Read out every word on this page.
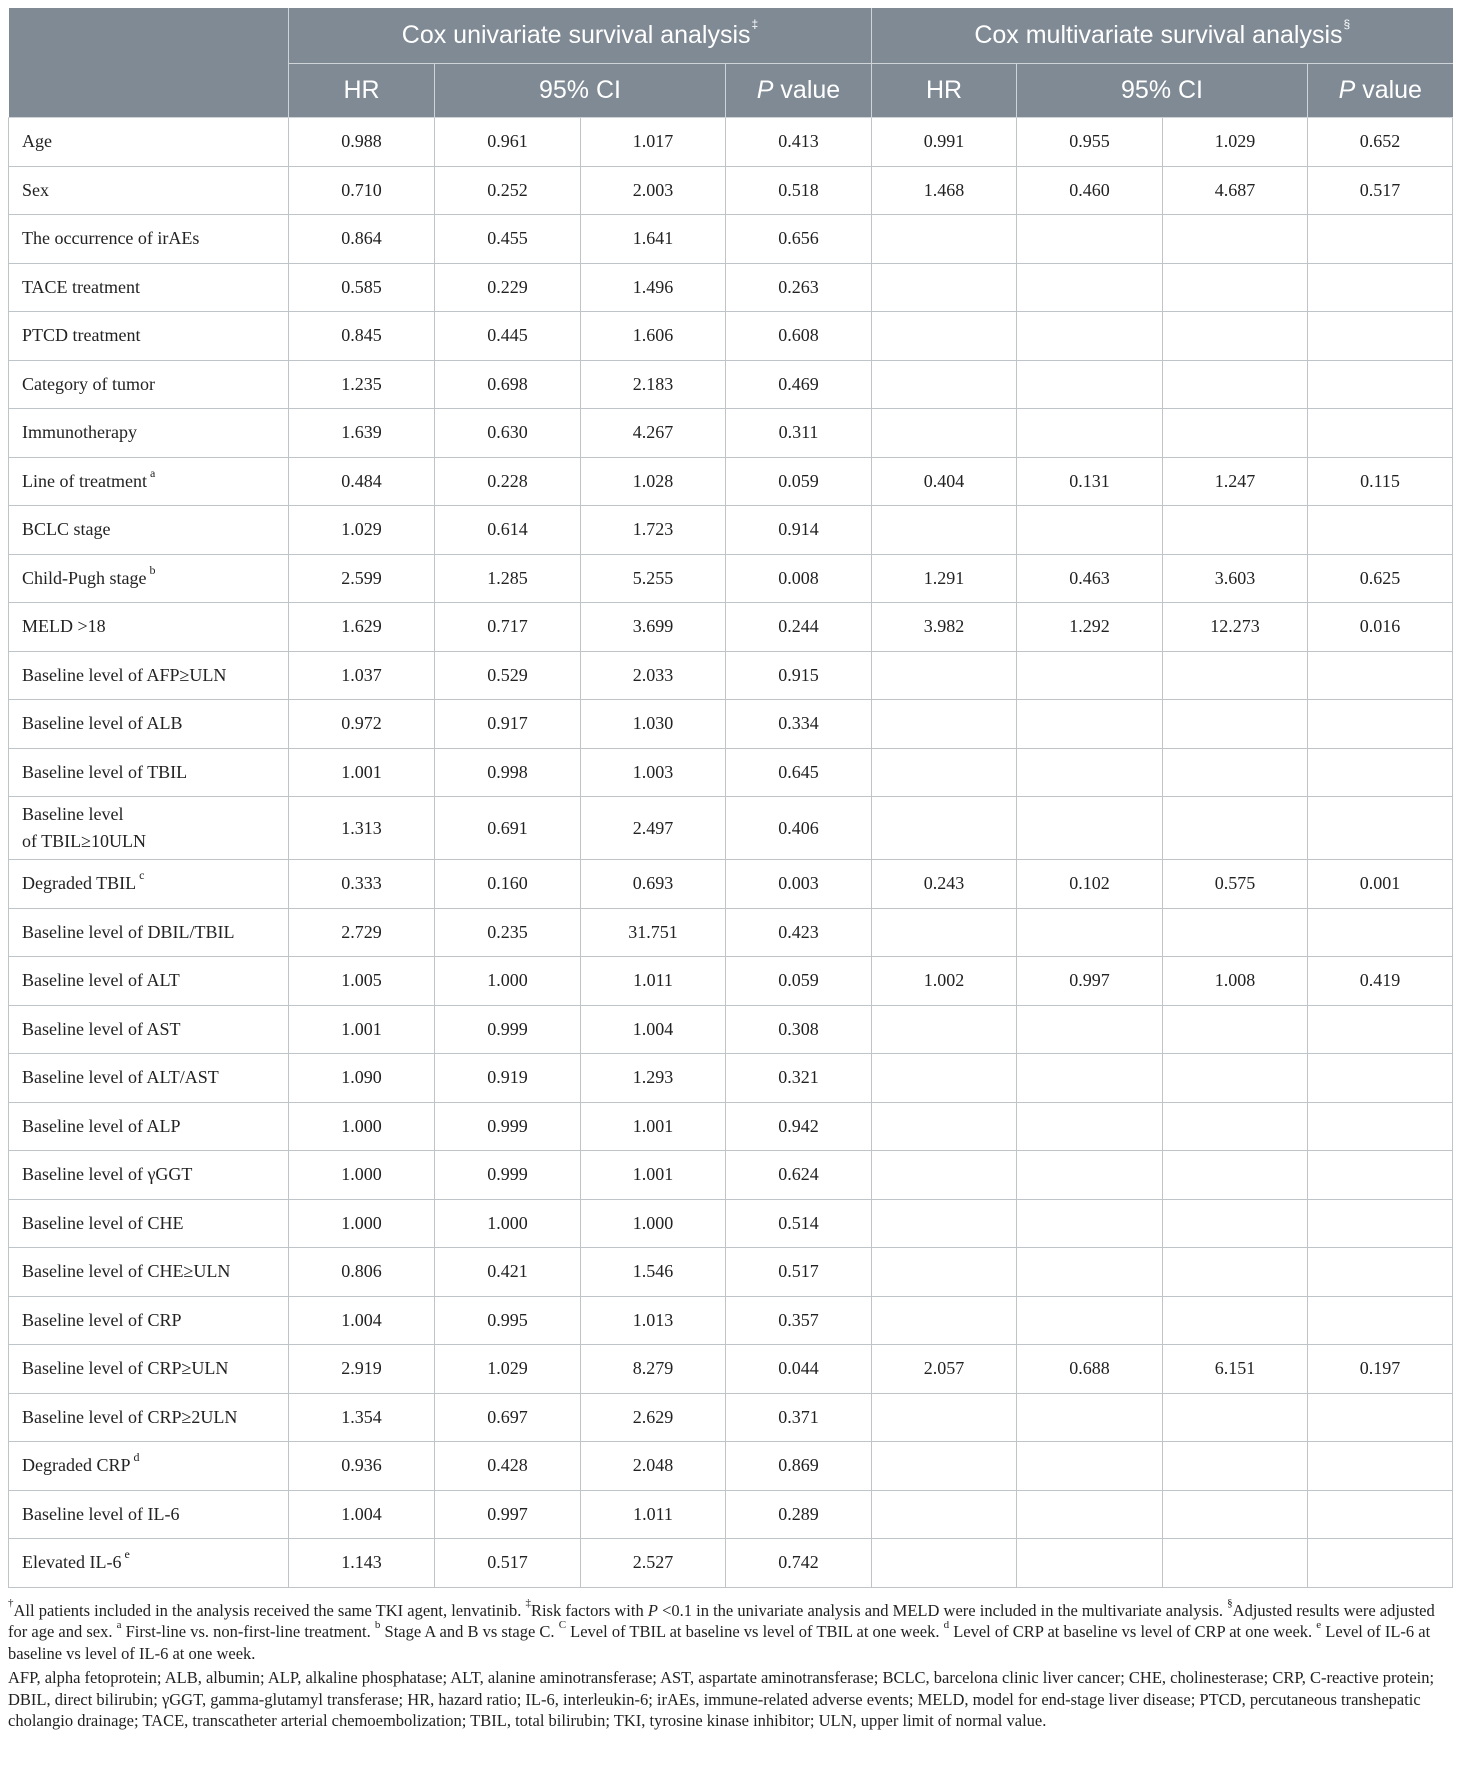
	Cox univariate survival analysis‡				Cox multivariate survival analysis§
	HR	95% CI		P value	HR	95% CI		P value
Age	0.988	0.961	1.017	0.413	0.991	0.955	1.029	0.652
Sex	0.710	0.252	2.003	0.518	1.468	0.460	4.687	0.517
The occurrence of irAEs	0.864	0.455	1.641	0.656				
TACE treatment	0.585	0.229	1.496	0.263				
PTCD treatment	0.845	0.445	1.606	0.608				
Category of tumor	1.235	0.698	2.183	0.469				
Immunotherapy	1.639	0.630	4.267	0.311				
Line of treatment $^a$	0.484	0.228	1.028	0.059	0.404	0.131	1.247	0.115
BCLC stage	1.029	0.614	1.723	0.914				
Child-Pugh stage $^b$	2.599	1.285	5.255	0.008	1.291	0.463	3.603	0.625
MELD >18	1.629	0.717	3.699	0.244	3.982	1.292	12.273	0.016
Baseline level of AFP≥ULN	1.037	0.529	2.033	0.915				
Baseline level of ALB	0.972	0.917	1.030	0.334				
Baseline level of TBIL	1.001	0.998	1.003	0.645				
Baseline level
of TBIL≥10ULN	1.313	0.691	2.497	0.406				
Degraded TBIL $^c$	0.333	0.160	0.693	0.003	0.243	0.102	0.575	0.001
Baseline level of DBIL/TBIL	2.729	0.235	31.751	0.423				
Baseline level of ALT	1.005	1.000	1.011	0.059	1.002	0.997	1.008	0.419
Baseline level of AST	1.001	0.999	1.004	0.308				
Baseline level of ALT/AST	1.090	0.919	1.293	0.321				
Baseline level of ALP	1.000	0.999	1.001	0.942				
Baseline level of γGGT	1.000	0.999	1.001	0.624				
Baseline level of CHE	1.000	1.000	1.000	0.514				
Baseline level of CHE≥ULN	0.806	0.421	1.546	0.517				
Baseline level of CRP	1.004	0.995	1.013	0.357				
Baseline level of CRP≥ULN	2.919	1.029	8.279	0.044	2.057	0.688	6.151	0.197
Baseline level of CRP≥2ULN	1.354	0.697	2.629	0.371				
Degraded CRP $^d$	0.936	0.428	2.048	0.869				
Baseline level of IL-6	1.004	0.997	1.011	0.289				
Elevated IL-6 $^e$	1.143	0.517	2.527	0.742				

†All patients included in the analysis received the same TKI agent, lenvatinib. ‡Risk factors with P <0.1 in the univariate analysis and MELD were included in the multivariate analysis. §Adjusted results were adjusted for age and sex. $^a$ First-line vs. non-first-line treatment. $^b$ Stage A and B vs stage C. $^C$ Level of TBIL at baseline vs level of TBIL at one week. $^d$ Level of CRP at baseline vs level of CRP at one week. $^e$ Level of IL-6 at baseline vs level of IL-6 at one week.

AFP, alpha fetoprotein; ALB, albumin; ALP, alkaline phosphatase; ALT, alanine aminotransferase; AST, aspartate aminotransferase; BCLC, barcelona clinic liver cancer; CHE, cholinesterase; CRP, C-reactive protein; DBIL, direct bilirubin; γGGT, gamma-glutamyl transferase; HR, hazard ratio; IL-6, interleukin-6; irAEs, immune-related adverse events; MELD, model for end-stage liver disease; PTCD, percutaneous transhepatic cholangio drainage; TACE, transcatheter arterial chemoembolization; TBIL, total bilirubin; TKI, tyrosine kinase inhibitor; ULN, upper limit of normal value.
